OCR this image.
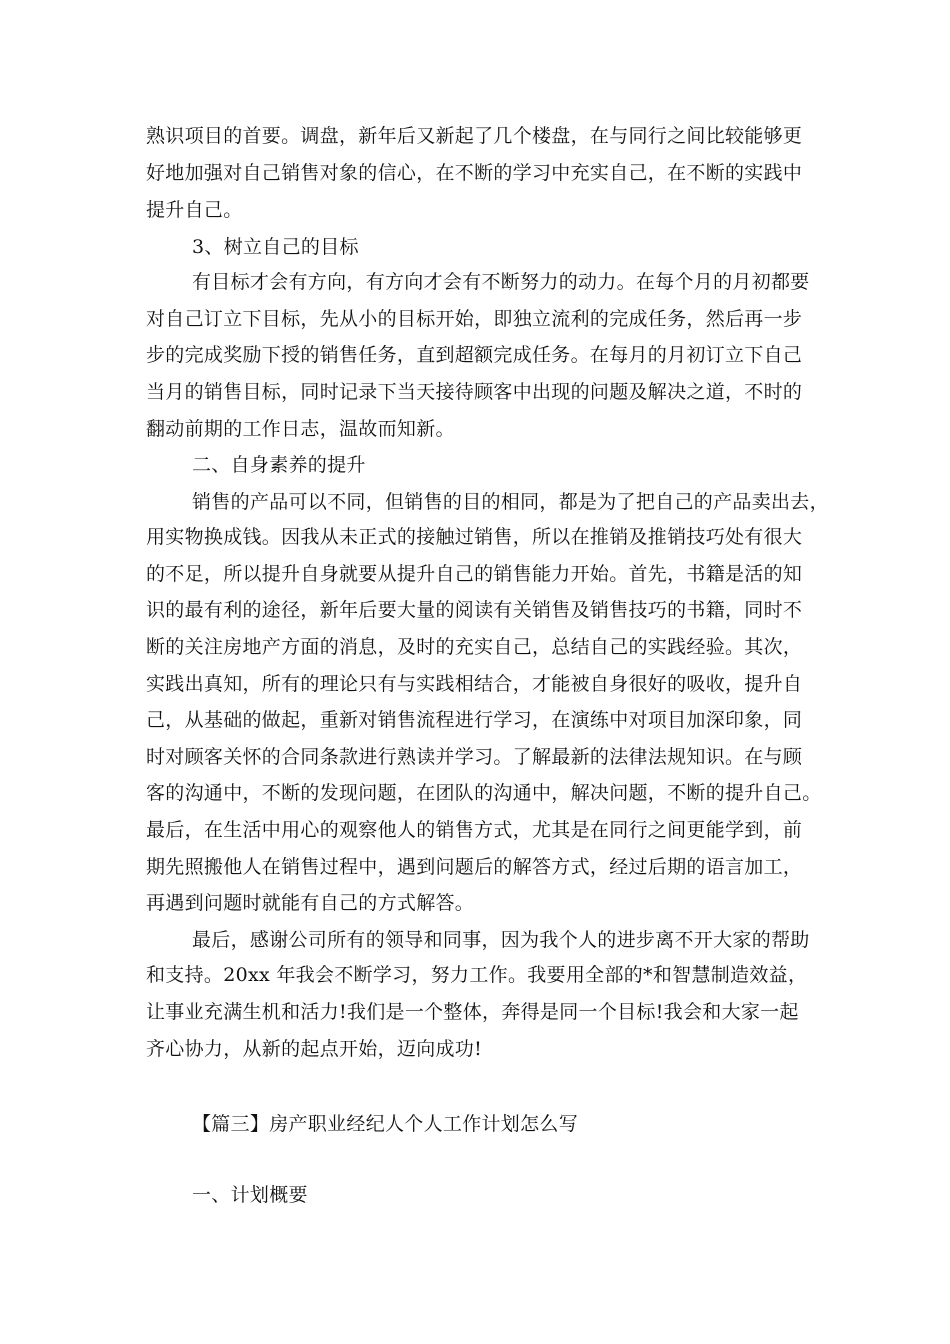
熟识项目的首要。调盘，新年后又新起了几个楼盘，在与同行之间比较能够更
好地加强对自己销售对象的信心，在不断的学习中充实自己，在不断的实践中
提升自己。
3、树立自己的目标
有目标才会有方向，有方向才会有不断努力的动力。在每个月的月初都要
对自己订立下目标，先从小的目标开始，即独立流利的完成任务，然后再一步
步的完成奖励下授的销售任务，直到超额完成任务。在每月的月初订立下自己
当月的销售目标，同时记录下当天接待顾客中出现的问题及解决之道，不时的
翻动前期的工作日志，温故而知新。
二、自身素养的提升
销售的产品可以不同，但销售的目的相同，都是为了把自己的产品卖出去，
用实物换成钱。因我从未正式的接触过销售，所以在推销及推销技巧处有很大
的不足，所以提升自身就要从提升自己的销售能力开始。首先，书籍是活的知
识的最有利的途径，新年后要大量的阅读有关销售及销售技巧的书籍，同时不
断的关注房地产方面的消息，及时的充实自己，总结自己的实践经验。其次，
实践出真知，所有的理论只有与实践相结合，才能被自身很好的吸收，提升自
己，从基础的做起，重新对销售流程进行学习，在演练中对项目加深印象，同
时对顾客关怀的合同条款进行熟读并学习。了解最新的法律法规知识。在与顾
客的沟通中，不断的发现问题，在团队的沟通中，解决问题，不断的提升自己。
最后，在生活中用心的观察他人的销售方式，尤其是在同行之间更能学到，前
期先照搬他人在销售过程中，遇到问题后的解答方式，经过后期的语言加工，
再遇到问题时就能有自己的方式解答。
最后，感谢公司所有的领导和同事，因为我个人的进步离不开大家的帮助
和支持。20xx 年我会不断学习，努力工作。我要用全部的*和智慧制造效益，
让事业充满生机和活力!我们是一个整体，奔得是同一个目标!我会和大家一起
齐心协力，从新的起点开始，迈向成功!
【篇三】房产职业经纪人个人工作计划怎么写
一、计划概要
